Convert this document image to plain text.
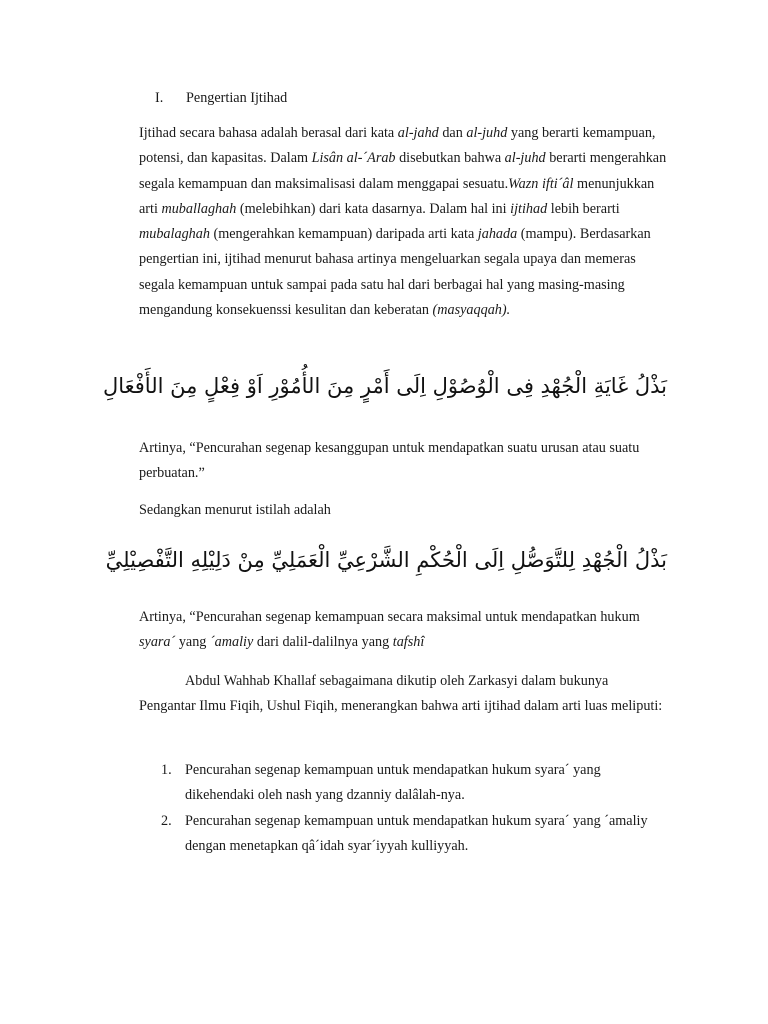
I. Pengertian Ijtihad
Ijtihad secara bahasa adalah berasal dari kata al-jahd dan al-juhd yang berarti kemampuan, potensi, dan kapasitas. Dalam Lisân al-´Arab disebutkan bahwa al-juhd berarti mengerahkan segala kemampuan dan maksimalisasi dalam menggapai sesuatu.Wazn ifti´âl menunjukkan arti muballaghah (melebihkan) dari kata dasarnya. Dalam hal ini ijtihad lebih berarti mubalaghah (mengerahkan kemampuan) daripada arti kata jahada (mampu). Berdasarkan pengertian ini, ijtihad menurut bahasa artinya mengeluarkan segala upaya dan memeras segala kemampuan untuk sampai pada satu hal dari berbagai hal yang masing-masing mengandung konsekuenssi kesulitan dan keberatan (masyaqqah).
بَذْلُ غَايَةِ الْجُهْدِ فِى الْوُصُوْلِ اِلَى أَمْرٍ مِنَ الأُمُوْرِ اَوْ فِعْلٍ مِنَ الأَفْعَالِ
Artinya, “Pencurahan segenap kesanggupan untuk mendapatkan suatu urusan atau suatu perbuatan.”
Sedangkan menurut istilah adalah
بَذْلُ الْجُهْدِ لِلتَّوَصُّلِ اِلَى الْحُكْمِ الشَّرْعِيِّ الْعَمَلِيِّ مِنْ دَلِيْلِهِ التَّفْصِيْلِيِّ
Artinya, “Pencurahan segenap kemampuan secara maksimal untuk mendapatkan hukum syara´ yang ´amaliy dari dalil-dalilnya yang tafshî
Abdul Wahhab Khallaf sebagaimana dikutip oleh Zarkasyi dalam bukunya Pengantar Ilmu Fiqih, Ushul Fiqih, menerangkan bahwa arti ijtihad dalam arti luas meliputi:
1. Pencurahan segenap kemampuan untuk mendapatkan hukum syara´ yang dikehendaki oleh nash yang dzanniy dalâlah-nya.
2. Pencurahan segenap kemampuan untuk mendapatkan hukum syara´ yang ´amaliy dengan menetapkan qâ´idah syar´iyyah kulliyyah.
